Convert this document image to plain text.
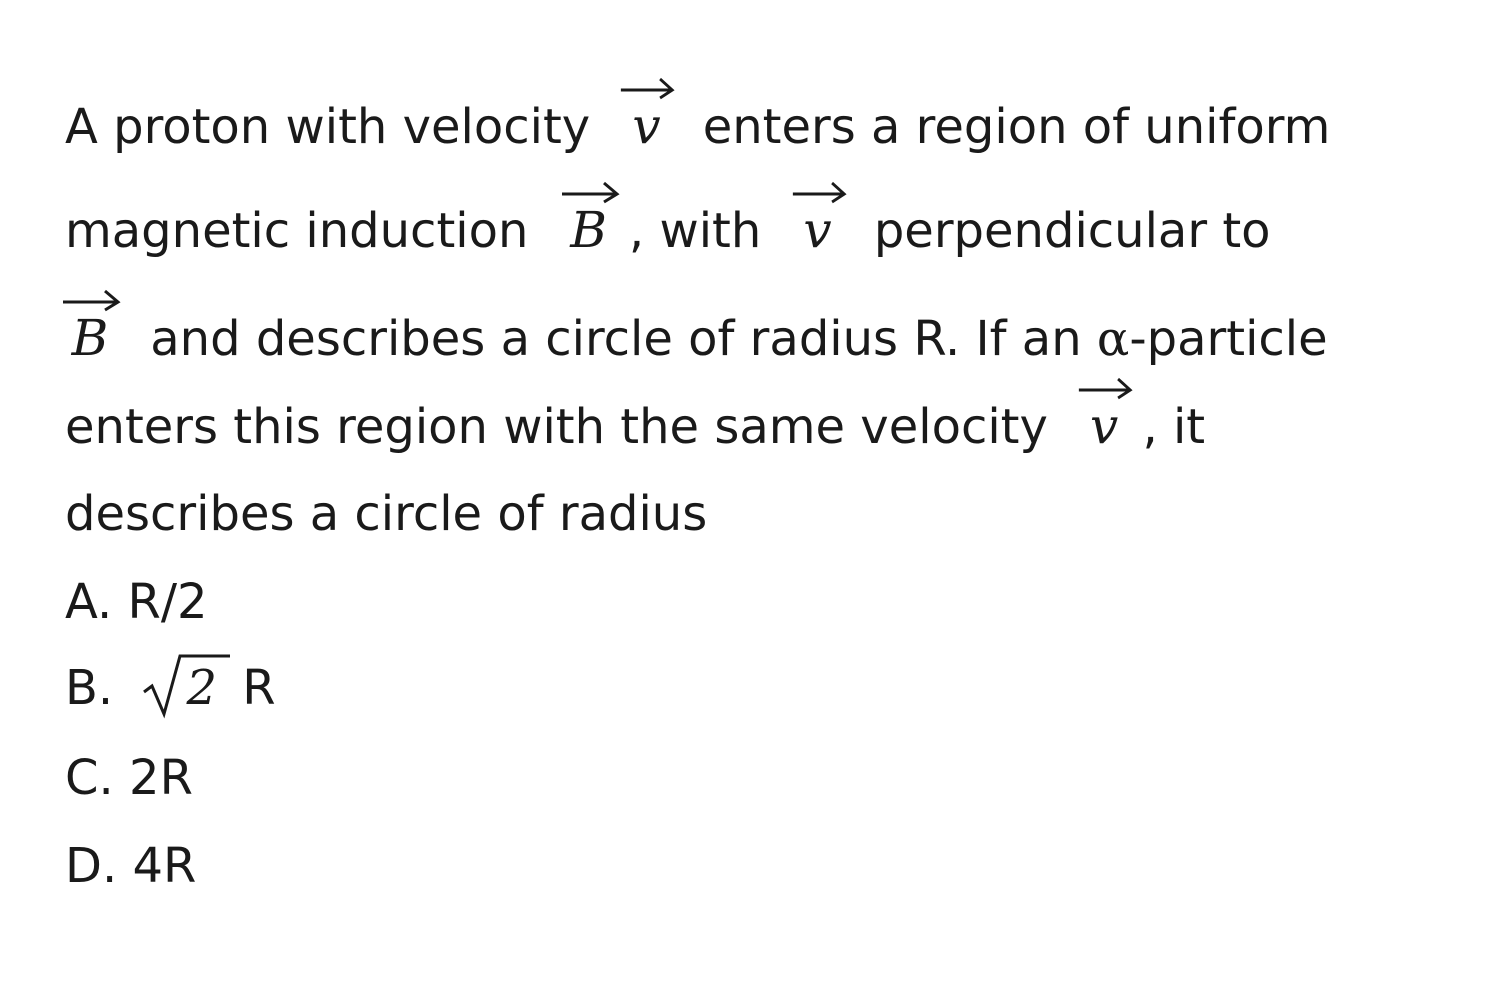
A proton with velocity v enters a region of uniform
magnetic induction B , with v perpendicular to
B and describes a circle of radius R. If an α-particle
enters this region with the same velocity v , it
describes a circle of radius
A. R/2
B. 2 R
C. 2R
D. 4R
